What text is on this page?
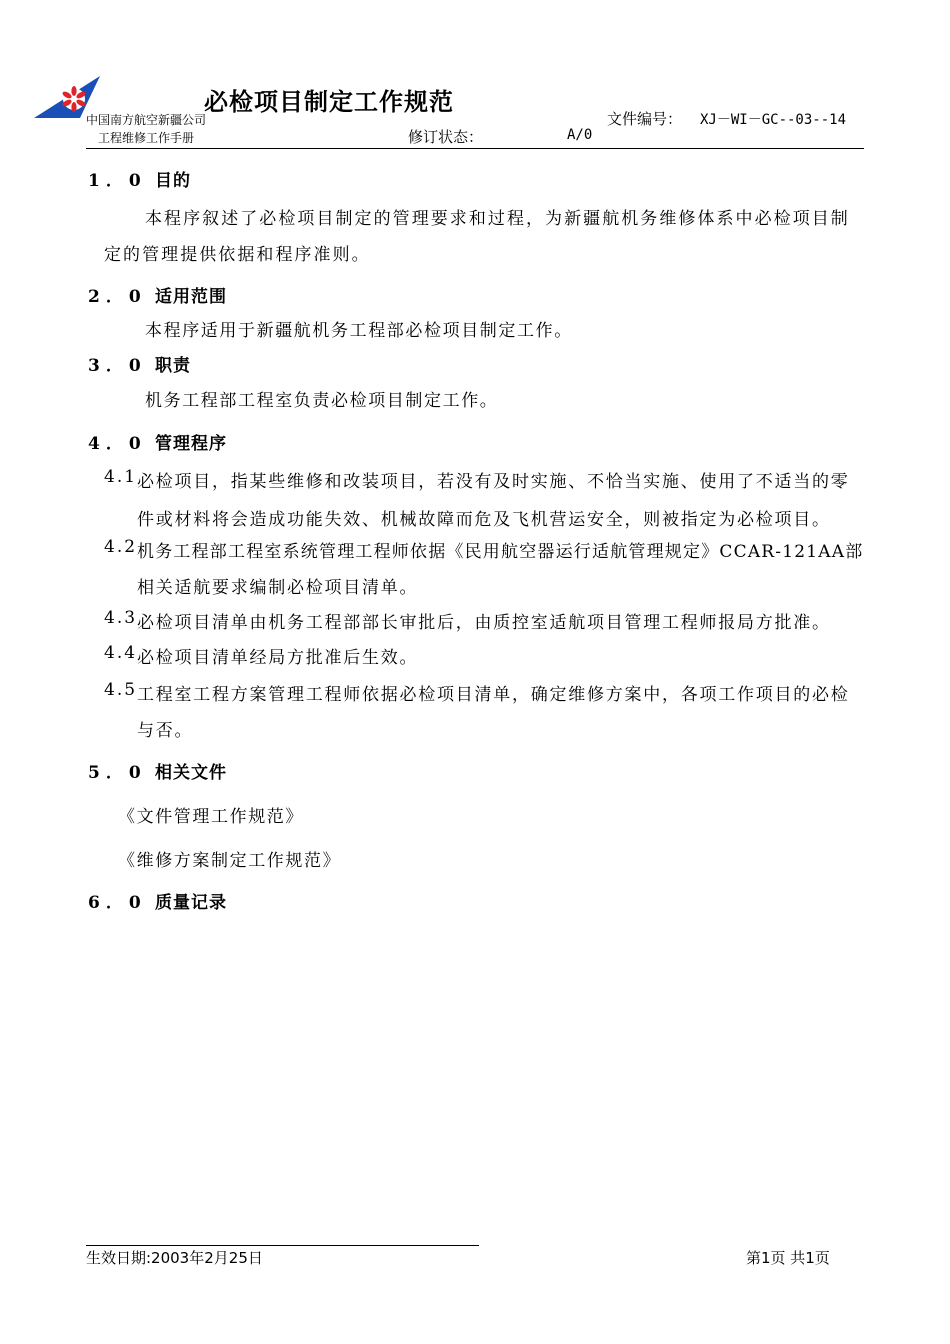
中国南方航空新疆公司
工程维修工作手册
必检项目制定工作规范
文件编号： XJ－WI－GC--03--14
修订状态：	A/0
1．0 目的
本程序叙述了必检项目制定的管理要求和过程，为新疆航机务维修体系中必检项目制
定的管理提供依据和程序准则。
2．0 适用范围
本程序适用于新疆航机务工程部必检项目制定工作。
3．0 职责
机务工程部工程室负责必检项目制定工作。
4．0 管理程序
4.1 必检项目，指某些维修和改装项目，若没有及时实施、不恰当实施、使用了不适当的零
件或材料将会造成功能失效、机械故障而危及飞机营运安全，则被指定为必检项目。
4.2 机务工程部工程室系统管理工程师依据《民用航空器运行适航管理规定》CCAR-121AA部
相关适航要求编制必检项目清单。
4.3 必检项目清单由机务工程部部长审批后，由质控室适航项目管理工程师报局方批准。
4.4 必检项目清单经局方批准后生效。
4.5 工程室工程方案管理工程师依据必检项目清单，确定维修方案中，各项工作项目的必检
与否。
5．0 相关文件
《文件管理工作规范》
《维修方案制定工作规范》
6．0 质量记录
生效日期:2003年2月25日	第1页 共1页
